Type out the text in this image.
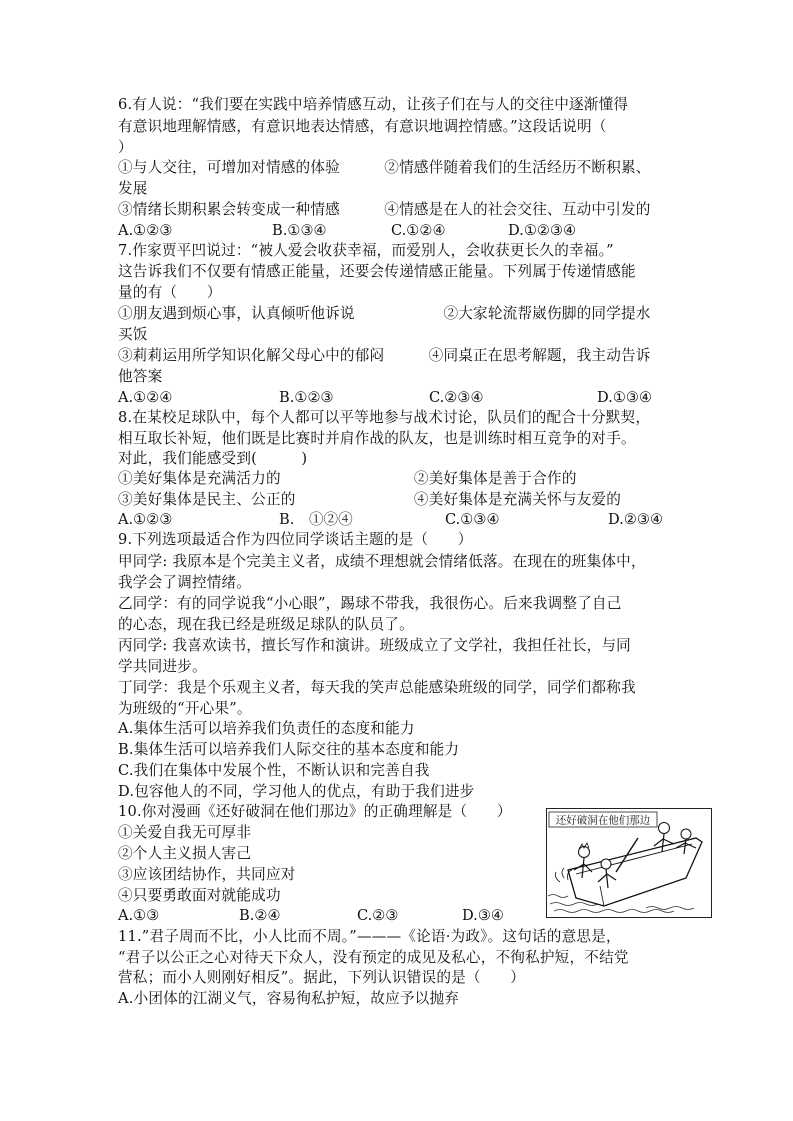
6.有人说：“我们要在实践中培养情感互动，让孩子们在与人的交往中逐渐懂得
有意识地理解情感，有意识地表达情感，有意识地调控情感。”这段话说明（
）
①与人交往，可增加对情感的体验　　　②情感伴随着我们的生活经历不断积累、
发展
③情绪长期积累会转变成一种情感　　　④情感是在人的社会交往、互动中引发的

A.①②③

	B.①③④

	C.①②④

	D.①②③④

7.作家贾平凹说过：“被人爱会收获幸福，而爱别人，会收获更长久的幸福。”
这告诉我们不仅要有情感正能量，还要会传递情感正能量。下列属于传递情感能
量的有（　　）
①朋友遇到烦心事，认真倾听他诉说　　　　　　②大家轮流帮崴伤脚的同学提水
买饭
③莉莉运用所学知识化解父母心中的郁闷　　　④同桌正在思考解题，我主动告诉
他答案

A.①②④

	B.①②③

	C.②③④

	D.①③④

8.在某校足球队中，每个人都可以平等地参与战术讨论，队员们的配合十分默契，
相互取长补短，他们既是比赛时并肩作战的队友，也是训练时相互竞争的对手。
对此，我们能感受到(　　　)
①美好集体是充满活力的　　　　　　　　　②美好集体是善于合作的
③美好集体是民主、公正的　　　　　　　　④美好集体是充满关怀与友爱的

A.①②③

	B.　①②④

	C.①③④

	D.②③④

9.下列选项最适合作为四位同学谈话主题的是（　　）
甲同学: 我原本是个完美主义者，成绩不理想就会情绪低落。在现在的班集体中，
我学会了调控情绪。
乙同学：有的同学说我“小心眼”，踢球不带我，我很伤心。后来我调整了自己
的心态，现在我已经是班级足球队的队员了。
丙同学: 我喜欢读书，擅长写作和演讲。班级成立了文学社，我担任社长，与同
学共同进步。
丁同学：我是个乐观主义者，每天我的笑声总能感染班级的同学，同学们都称我
为班级的“开心果”。
A.集体生活可以培养我们负责任的态度和能力
B.集体生活可以培养我们人际交往的基本态度和能力
C.我们在集体中发展个性，不断认识和完善自我
D.包容他人的不同，学习他人的优点，有助于我们进步
10.你对漫画《还好破洞在他们那边》的正确理解是（　　）
①关爱自我无可厚非
②个人主义损人害己
③应该团结协作，共同应对
④只要勇敢面对就能成功

A.①③

	B.②④

	C.②③

	D.③④

还好破洞在他们那边
11.”君子周而不比，小人比而不周。”———《论语·为政》。这句话的意思是，
“君子以公正之心对待天下众人，没有预定的成见及私心，不徇私护短，不结党
营私；而小人则刚好相反”。据此，下列认识错误的是（　　）
A.小团体的江湖义气，容易徇私护短，故应予以抛弃
